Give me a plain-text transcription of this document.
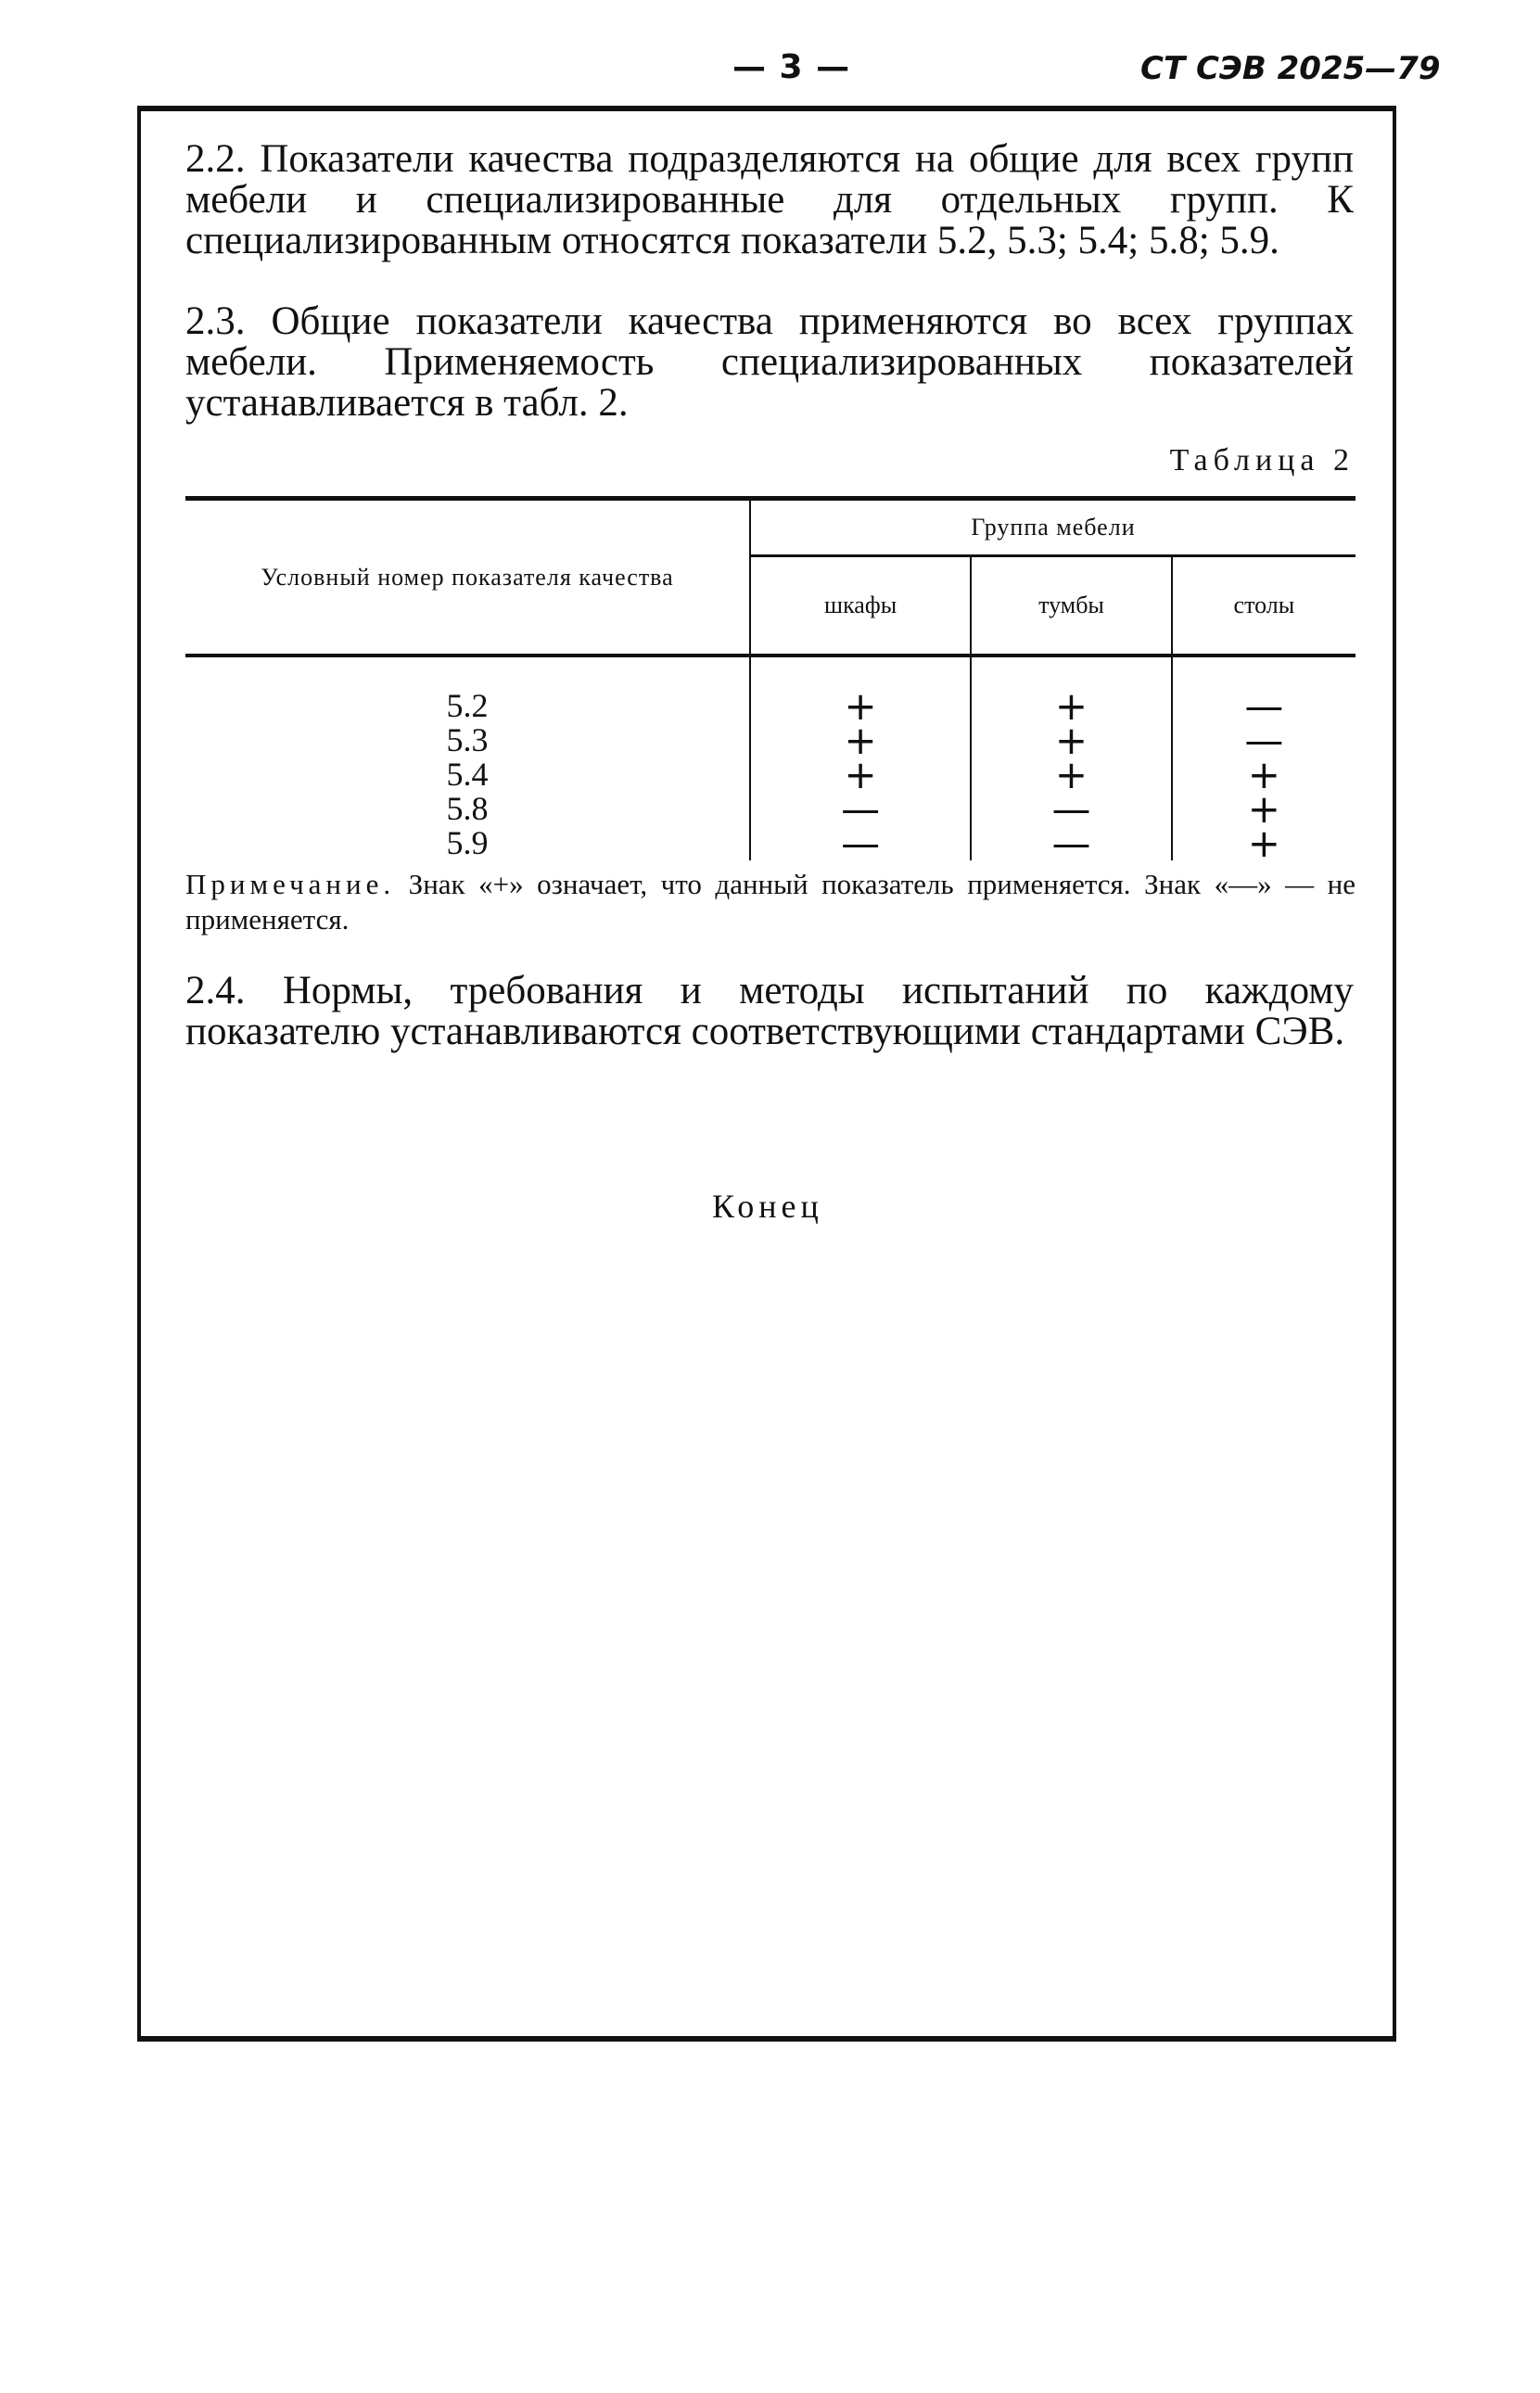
— 3 —	СТ СЭВ 2025—79

2.2. Показатели качества подразделяются на общие для всех групп мебели и специализированные для отдельных групп. К специализированным относятся показатели 5.2, 5.3; 5.4; 5.8; 5.9.

2.3. Общие показатели качества применяются во всех группах мебели. Применяемость специализированных показателей устанавливается в табл. 2.

Таблица 2
Условный номер показателя качества	Группа мебели		
	шкафы	тумбы	столы

5.2	+	+	—
5.3	+	+	—
5.4	+	+	+
5.8	—	—	+
5.9	—	—	+

Примечание. Знак «+» означает, что данный показатель применяется. Знак «—» — не применяется.

2.4. Нормы, требования и методы испытаний по каждому показателю устанавливаются соответствующими стандартами СЭВ.

Конец
